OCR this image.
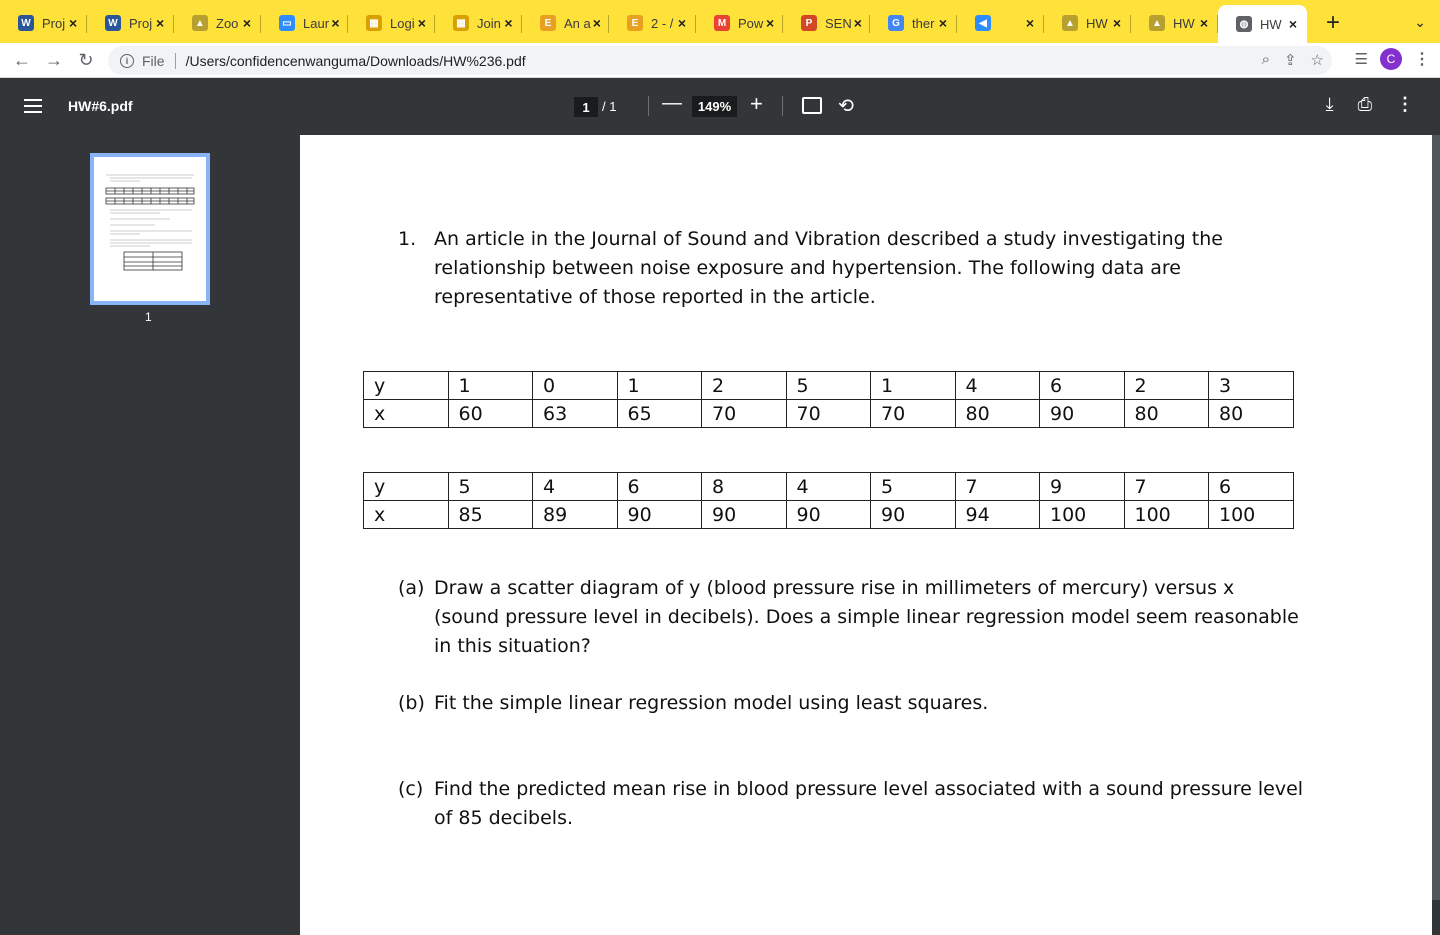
W Proj ×	W Proj ×	▲ Zoo ×	▭ Laur ×	▦ Logi ×	▦ Join ×	E An a ×	E 2 - / ×	M Pow ×	P SEN ×	G ther ×	◀	×	▲ HW ×	▲ HW ×	◍ HW ×	+	⌄
← → ↻	i File /Users/confidencenwanguma/Downloads/HW%236.pdf	⌕ ⇪ ☆ ☰	C	⋮
HW#6.pdf	1 / 1 —	149% +	⟲	⤓ ⎙ ⋮
1
1. An article in the Journal of Sound and Vibration described a study investigating the relationship between noise exposure and hypertension. The following data are representative of those reported in the article.
y	1	0	1	2	5	1	4	6	2	3
x	60	63	65	70	70	70	80	90	80	80
y	5	4	6	8	4	5	7	9	7	6
x	85	89	90	90	90	90	94	100	100	100
(a) Draw a scatter diagram of y (blood pressure rise in millimeters of mercury) versus x (sound pressure level in decibels). Does a simple linear regression model seem reasonable in this situation?
(b) Fit the simple linear regression model using least squares.
(c) Find the predicted mean rise in blood pressure level associated with a sound pressure level of 85 decibels.
